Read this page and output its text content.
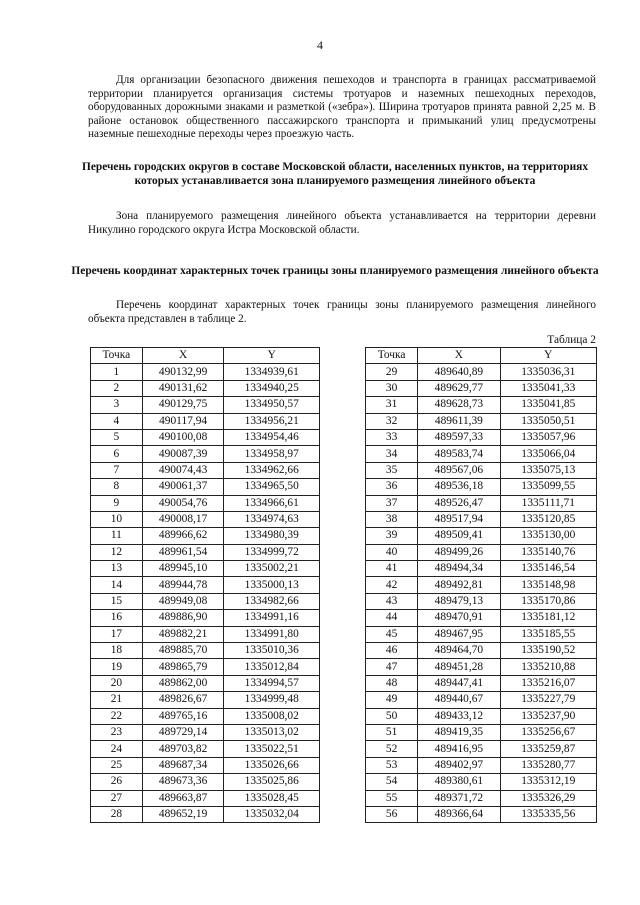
4

Для организации безопасного движения пешеходов и транспорта в границах рассматриваемой территории планируется организация системы тротуаров и наземных пешеходных переходов, оборудованных дорожными знаками и разметкой («зебра»). Ширина тротуаров принята равной 2,25 м. В районе остановок общественного пассажирского транспорта и примыканий улиц предусмотрены наземные пешеходные переходы через проезжую часть.

Перечень городских округов в составе Московской области, населенных пунктов, на территориях которых устанавливается зона планируемого размещения линейного объекта

Зона планируемого размещения линейного объекта устанавливается на территории деревни Никулино городского округа Истра Московской области.

Перечень координат характерных точек границы зоны планируемого размещения линейного объекта

Перечень координат характерных точек границы зоны планируемого размещения линейного объекта представлен в таблице 2.

Таблица 2
Точка	X	Y
1	490132,99	1334939,61
2	490131,62	1334940,25
3	490129,75	1334950,57
4	490117,94	1334956,21
5	490100,08	1334954,46
6	490087,39	1334958,97
7	490074,43	1334962,66
8	490061,37	1334965,50
9	490054,76	1334966,61
10	490008,17	1334974,63
11	489966,62	1334980,39
12	489961,54	1334999,72
13	489945,10	1335002,21
14	489944,78	1335000,13
15	489949,08	1334982,66
16	489886,90	1334991,16
17	489882,21	1334991,80
18	489885,70	1335010,36
19	489865,79	1335012,84
20	489862,00	1334994,57
21	489826,67	1334999,48
22	489765,16	1335008,02
23	489729,14	1335013,02
24	489703,82	1335022,51
25	489687,34	1335026,66
26	489673,36	1335025,86
27	489663,87	1335028,45
28	489652,19	1335032,04
Точка	X	Y
29	489640,89	1335036,31
30	489629,77	1335041,33
31	489628,73	1335041,85
32	489611,39	1335050,51
33	489597,33	1335057,96
34	489583,74	1335066,04
35	489567,06	1335075,13
36	489536,18	1335099,55
37	489526,47	1335111,71
38	489517,94	1335120,85
39	489509,41	1335130,00
40	489499,26	1335140,76
41	489494,34	1335146,54
42	489492,81	1335148,98
43	489479,13	1335170,86
44	489470,91	1335181,12
45	489467,95	1335185,55
46	489464,70	1335190,52
47	489451,28	1335210,88
48	489447,41	1335216,07
49	489440,67	1335227,79
50	489433,12	1335237,90
51	489419,35	1335256,67
52	489416,95	1335259,87
53	489402,97	1335280,77
54	489380,61	1335312,19
55	489371,72	1335326,29
56	489366,64	1335335,56
